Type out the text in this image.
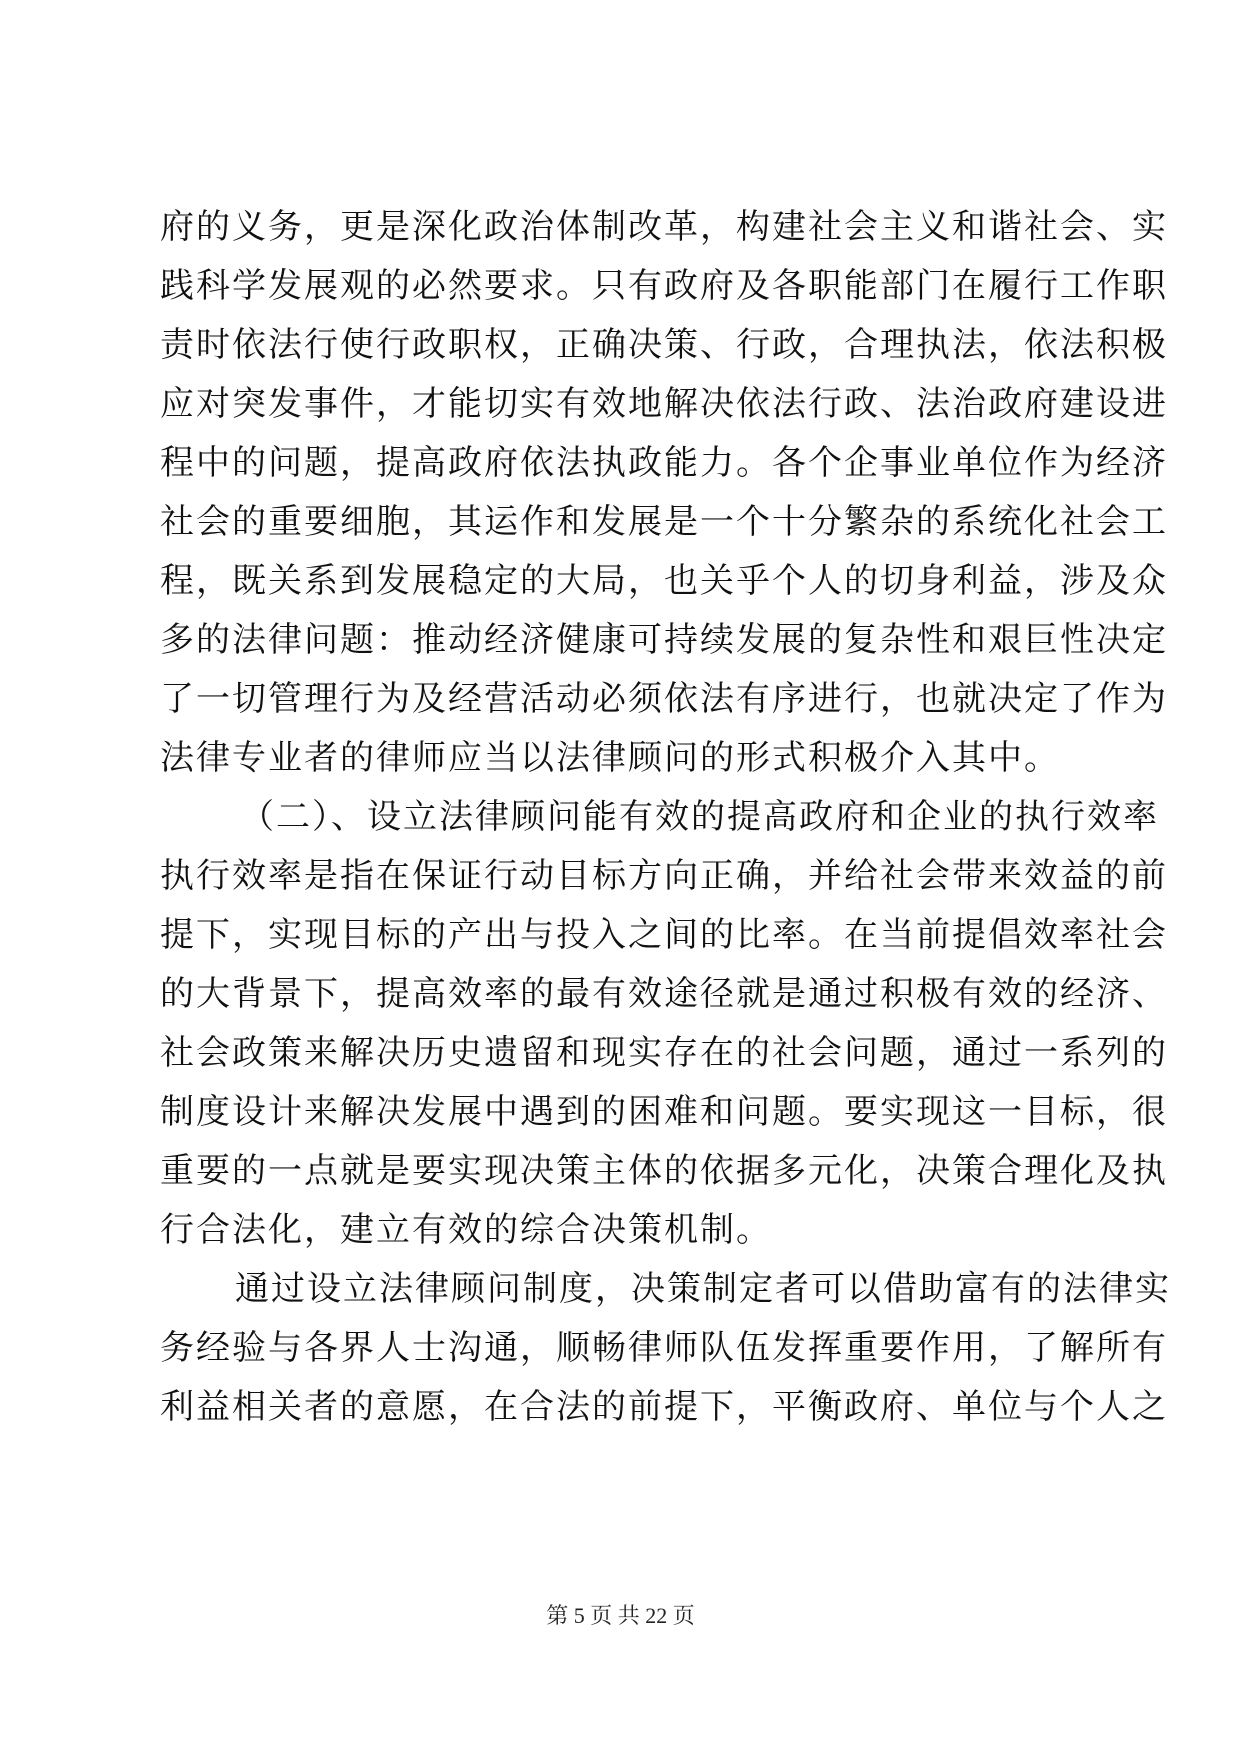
府的义务，更是深化政治体制改革，构建社会主义和谐社会、实

践科学发展观的必然要求。只有政府及各职能部门在履行工作职

责时依法行使行政职权，正确决策、行政，合理执法，依法积极

应对突发事件，才能切实有效地解决依法行政、法治政府建设进

程中的问题，提高政府依法执政能力。各个企事业单位作为经济

社会的重要细胞，其运作和发展是一个十分繁杂的系统化社会工

程，既关系到发展稳定的大局，也关乎个人的切身利益，涉及众

多的法律问题：推动经济健康可持续发展的复杂性和艰巨性决定

了一切管理行为及经营活动必须依法有序进行，也就决定了作为

法律专业者的律师应当以法律顾问的形式积极介入其中。

（二）、设立法律顾问能有效的提高政府和企业的执行效率

执行效率是指在保证行动目标方向正确，并给社会带来效益的前

提下，实现目标的产出与投入之间的比率。在当前提倡效率社会

的大背景下，提高效率的最有效途径就是通过积极有效的经济、

社会政策来解决历史遗留和现实存在的社会问题，通过一系列的

制度设计来解决发展中遇到的困难和问题。要实现这一目标，很

重要的一点就是要实现决策主体的依据多元化，决策合理化及执

行合法化，建立有效的综合决策机制。

通过设立法律顾问制度，决策制定者可以借助富有的法律实

务经验与各界人士沟通，顺畅律师队伍发挥重要作用，了解所有

利益相关者的意愿，在合法的前提下，平衡政府、单位与个人之

第 5 页 共 22 页
